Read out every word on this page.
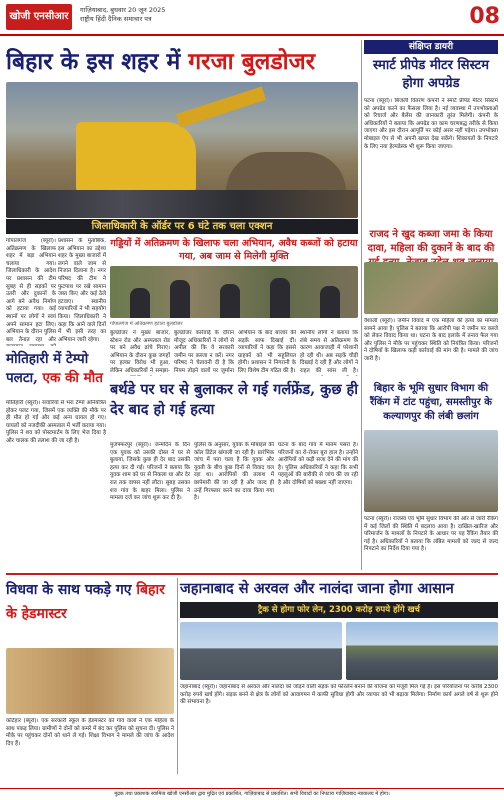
खोजी एनसीआर
गाज़ियाबाद, बुधवार 20 जून 2025
राष्ट्रीय हिंदी दैनिक समाचार पत्र	08
बिहार के इस शहर में गरजा बुलडोजर
जिलाधिकारी के ऑर्डर पर 6 घंटे तक चला एक्शन
गड्डियों में अतिक्रमण के खिलाफ चला अभियान, अवैध कब्जों को हटाया गया, अब जाम से मिलेगी मुक्ति
गोपालगंज (ब्यूरो)। अतिक्रमण के खिलाफ शहर में बड़ा अभियान चलाया गया। जिलाधिकारी के आदेश पर प्रशासन की टीम सुबह से ही सड़कों पर उतरी और दुकानों के आगे बने अवैध निर्माण को हटाया गया। कई स्थानों पर लोगों ने स्वयं अपने सामान हटा लिए। अभियान के दौरान पुलिस बल तैनात रहा और
प्रशासन के मुताबिक, इस अभियान का उद्देश्य शहर के मुख्य बाजारों में लगने वाले जाम से निजात दिलाना है। नगर परिषद की टीम ने फुटपाथ पर रखे सामान जब्त किए और कई ठेले हटवाए। स्थानीय व्यापारियों ने भी सहयोग किया। जिलाधिकारी ने कहा कि आने वाले दिनों में भी इसी तरह का अभियान जारी रहेगा।
गोपालगंज में अतिक्रमण हटाता बुलडोजर
बुलडोजर ने मुख्य बाजार, स्टेशन रोड और अस्पताल रोड पर बने अवैध ढांचे गिराए। अभियान के दौरान कुछ जगहों पर हल्का विरोध भी हुआ, लेकिन अधिकारियों ने समझा-
बुलडोजर कार्रवाई के दौरान मौजूद अधिकारियों ने लोगों से अपील की कि वे सरकारी जमीन पर कब्जा न करें। नगर परिषद ने चेतावनी दी है कि नियम तोड़ने वालों पर जुर्माना
अभियान के बाद बाजार की सड़कें साफ दिखाई दीं। व्यापारियों ने कहा कि इससे ग्राहकों को भी सहूलियत होगी। प्रशासन ने निगरानी के लिए विशेष टीम गठित की है।
स्थानीय लोगों ने बताया कि लंबे समय से अतिक्रमण के कारण आवाजाही में परेशानी हो रही थी। अब सड़कें चौड़ी दिखाई दे रही हैं और लोगों ने राहत की सांस ली है।
संक्षिप्त डायरी
स्मार्ट प्रीपेड मीटर सिस्टम होगा अपग्रेड
पटना (ब्यूरो)। बिजली वितरण कंपनी ने स्मार्ट प्रीपेड मीटर सिस्टम को अपग्रेड करने का फैसला लिया है। नई व्यवस्था में उपभोक्ताओं को रिचार्ज और बैलेंस की जानकारी तुरंत मिलेगी। कंपनी के अधिकारियों ने बताया कि अपग्रेड का काम चरणबद्ध तरीके से किया जाएगा और इस दौरान आपूर्ति पर कोई असर नहीं पड़ेगा। उपभोक्ता मोबाइल ऐप से भी अपनी खपत देख सकेंगे। शिकायतों के निपटारे के लिए नया हेल्पडेस्क भी शुरू किया जाएगा।
राजद ने खुद कब्जा जमा के किया दावा, महिला की दुकानें के बाद की
वैशाली (ब्यूरो)। जमीन विवाद में एक महिला की हत्या का मामला सामने आया है। पुलिस ने बताया कि आरोपी पक्ष ने जमीन पर कब्जे को लेकर विवाद किया था। घटना के बाद इलाके में तनाव फैल गया और पुलिस ने मौके पर पहुंचकर स्थिति को नियंत्रित किया। परिजनों ने दोषियों के खिलाफ कड़ी कार्रवाई की मांग की है। मामले की जांच जारी है।
मोतिहारी में टेम्पो पलटा, एक की मौत
मोतिहारी (ब्यूरो)। सवारियों से भरा टेम्पो अनियंत्रित होकर पलट गया, जिसमें एक व्यक्ति की मौके पर ही मौत हो गई और कई अन्य घायल हो गए। घायलों को नजदीकी अस्पताल में भर्ती कराया गया। पुलिस ने शव को पोस्टमार्टम के लिए भेज दिया है और चालक की तलाश की जा रही है।
बर्थडे पर घर से बुलाकर ले गई गर्लफ्रेंड, कुछ ही देर बाद हो गई हत्या
मुजफ्फरपुर (ब्यूरो)। जन्मदिन के दिन एक युवक को उसकी दोस्त ने घर से बुलाया, जिसके कुछ ही देर बाद उसकी हत्या कर दी गई। परिजनों ने बताया कि युवक शाम को घर से निकला था और देर रात तक वापस नहीं लौटा। सुबह उसका शव गांव के बाहर मिला। पुलिस ने मामला दर्ज कर जांच शुरू कर दी है।
पुलिस के अनुसार, युवक के मोबाइल की कॉल डिटेल खंगाली जा रही है। प्रारंभिक जांच में पता चला है कि युवक और युवती के बीच कुछ दिनों से विवाद चल रहा था। आरोपियों की तलाश में छापेमारी की जा रही है और जल्द ही उन्हें गिरफ्तार करने का दावा किया गया है।
घटना के बाद गांव में मातम पसरा है। परिजनों का रो-रोकर बुरा हाल है। उन्होंने आरोपियों को कड़ी सजा देने की मांग की है। पुलिस अधिकारियों ने कहा कि सभी पहलुओं की बारीकी से जांच की जा रही है और दोषियों को बख्शा नहीं जाएगा।
बिहार के भूमि सुधार विभाग की रैंकिंग में टांट पहुंचा, समस्तीपुर के कल्याणपुर की लंबी छलांग
पटना (ब्यूरो)। राजस्व एवं भूमि सुधार विभाग की ओर से जारी रैंकिंग में कई जिलों की स्थिति में बदलाव आया है। दाखिल-खारिज और परिमार्जन के मामलों के निपटारे के आधार पर यह रैंकिंग तैयार की गई है। अधिकारियों ने बताया कि लंबित मामलों को जल्द से जल्द निपटाने का निर्देश दिया गया है।
विधवा के साथ पकड़े गए बिहार के हेडमास्टर
कटिहार (ब्यूरो)। एक सरकारी स्कूल के हेडमास्टर को गांव वालों ने एक महिला के साथ पकड़ लिया। ग्रामीणों ने दोनों को कमरे में बंद कर पुलिस को सूचना दी। पुलिस ने मौके पर पहुंचकर दोनों को थाने ले गई। शिक्षा विभाग ने मामले की जांच के आदेश दिए हैं।
जहानाबाद से अरवल और नालंदा जाना होगा आसान
ट्रैक से होगा फोर लेन, 2300 करोड़ रुपये होंगे खर्च
जहानाबाद (ब्यूरो)। जहानाबाद से अरवल और नालंदा को जोड़ने वाली सड़क को फोरलेन बनाने की योजना को मंजूरी मिल गई है। इस परियोजना पर करीब 2300 करोड़ रुपये खर्च होंगे। सड़क बनने से क्षेत्र के लोगों को आवागमन में काफी सुविधा होगी और व्यापार को भी बढ़ावा मिलेगा। निर्माण कार्य अगले वर्ष से शुरू होने की संभावना है।
मुद्रक तथा प्रकाशक स्वामित्व खोजी एनसीआर द्वारा मुद्रित एवं प्रकाशित, गाज़ियाबाद से प्रकाशित। सभी विवादों का निपटारा गाज़ियाबाद न्यायालय में होगा।
